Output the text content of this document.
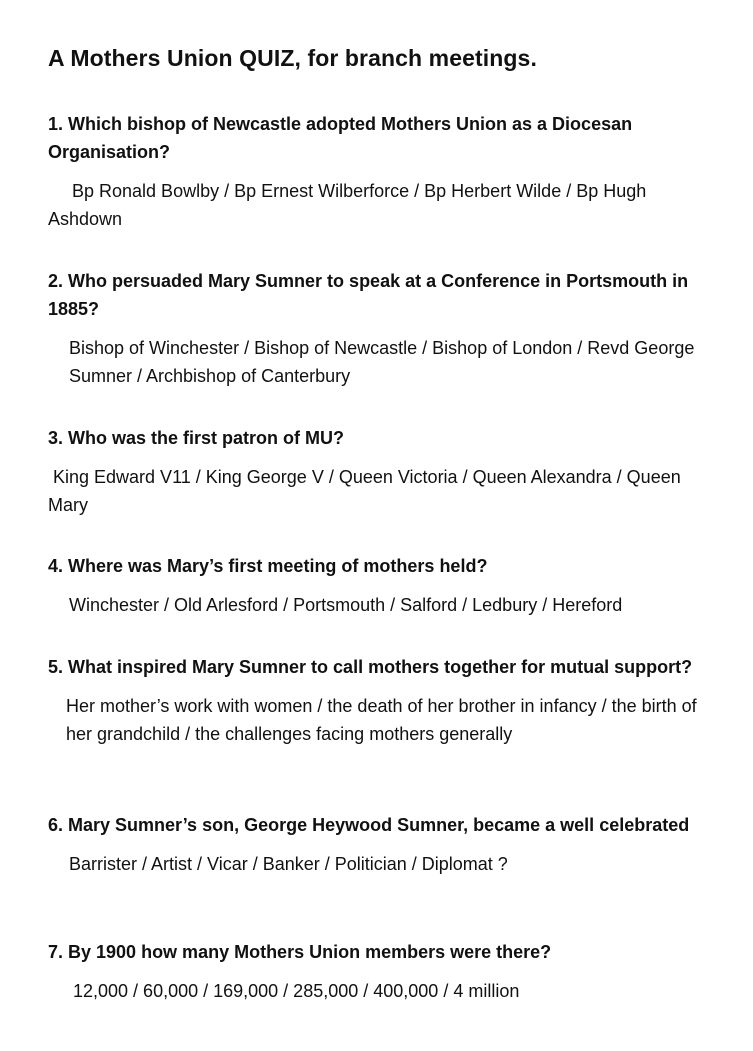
A Mothers Union QUIZ, for branch meetings.

1. Which bishop of Newcastle adopted Mothers Union as a Diocesan Organisation?

Bp Ronald Bowlby / Bp Ernest Wilberforce / Bp Herbert Wilde / Bp Hugh Ashdown

2. Who persuaded Mary Sumner to speak at a Conference in Portsmouth in 1885?

Bishop of Winchester / Bishop of Newcastle / Bishop of London / Revd George Sumner / Archbishop of Canterbury

3. Who was the first patron of MU?

King Edward V11 / King George V / Queen Victoria / Queen Alexandra / Queen Mary

4. Where was Mary’s first meeting of mothers held?

Winchester / Old Arlesford / Portsmouth / Salford / Ledbury / Hereford

5. What inspired Mary Sumner to call mothers together for mutual support?

Her mother’s work with women / the death of her brother in infancy / the birth of her grandchild / the challenges facing mothers generally

6. Mary Sumner’s son, George Heywood Sumner, became a well celebrated

Barrister / Artist / Vicar / Banker / Politician / Diplomat ?

7. By 1900 how many Mothers Union members were there?

12,000 / 60,000 / 169,000 / 285,000 / 400,000 / 4 million
